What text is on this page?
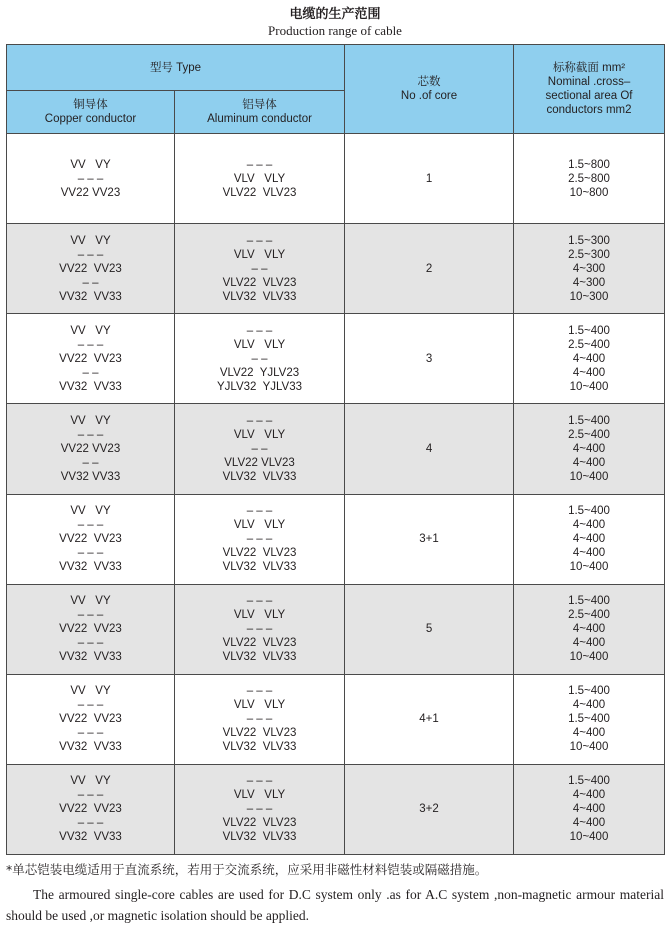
电缆的生产范围
Production range of cable
型号 Type		芯数
No .of core	标称截面 mm²
Nominal .cross–
sectional area Of
conductors mm2

铜导体
Copper conductor	铝导体
Aluminum conductor		

VV   VY
– – –
VV22 VV23	– – –
VLV   VLY
VLV22  VLV23	1	1.5~800
2.5~800
10~800

VV   VY
– – –
VV22  VV23
– –
VV32  VV33	– – –
VLV   VLY
– –
VLV22  VLV23
VLV32  VLV33	2	1.5~300
2.5~300
4~300
4~300
10~300

VV   VY
– – –
VV22  VV23
– –
VV32  VV33	– – –
VLV   VLY
– –
VLV22  YJLV23
YJLV32  YJLV33	3	1.5~400
2.5~400
4~400
4~400
10~400

VV   VY
– – –
VV22 VV23
– –
VV32 VV33	– – –
VLV   VLY
– –
VLV22 VLV23
VLV32  VLV33	4	1.5~400
2.5~400
4~400
4~400
10~400

VV   VY
– – –
VV22  VV23
– – –
VV32  VV33	– – –
VLV   VLY
– – –
VLV22  VLV23
VLV32  VLV33	3+1	1.5~400
4~400
4~400
4~400
10~400

VV   VY
– – –
VV22  VV23
– – –
VV32  VV33	– – –
VLV   VLY
– – –
VLV22  VLV23
VLV32  VLV33	5	1.5~400
2.5~400
4~400
4~400
10~400

VV   VY
– – –
VV22  VV23
– – –
VV32  VV33	– – –
VLV   VLY
– – –
VLV22  VLV23
VLV32  VLV33	4+1	1.5~400
4~400
1.5~400
4~400
10~400

VV   VY
– – –
VV22  VV23
– – –
VV32  VV33	– – –
VLV   VLY
– – –
VLV22  VLV23
VLV32  VLV33	3+2	1.5~400
4~400
4~400
4~400
10~400
*单芯铠装电缆适用于直流系统，若用于交流系统，应采用非磁性材料铠装或隔磁措施。
The armoured single-core cables are used for D.C system only .as for A.C system ,non-magnetic armour material should be used ,or magnetic isolation should be applied.
